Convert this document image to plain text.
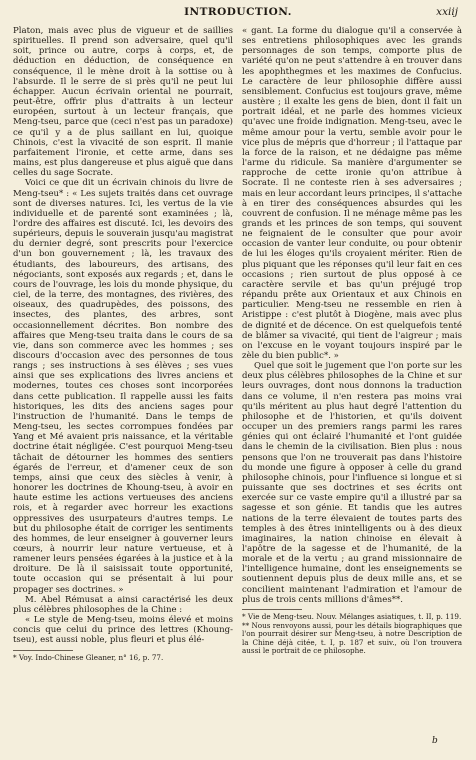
INTRODUCTION.	xxiij

Platon, mais avec plus de vigueur et de saillies spirituelles. Il prend son adversaire, quel qu'il soit, prince ou autre, corps à corps, et, de déduction en déduction, de conséquence en conséquence, il le mène droit à la sottise ou à l'absurde. Il le serre de si près qu'il ne peut lui échapper. Aucun écrivain oriental ne pourrait, peut-être, offrir plus d'attraits à un lecteur européen, surtout à un lecteur français, que Meng-tseu, parce que (ceci n'est pas un paradoxe) ce qu'il y a de plus saillant en lui, quoique Chinois, c'est la vivacité de son esprit. Il manie parfaitement l'ironie, et cette arme, dans ses mains, est plus dangereuse et plus aiguë que dans celles du sage Socrate.

Voici ce que dit un écrivain chinois du livre de Meng-tseu* : « Les sujets traités dans cet ouvrage sont de diverses natures. Ici, les vertus de la vie individuelle et de parenté sont examinées ; là, l'ordre des affaires est discuté. Ici, les devoirs des supérieurs, depuis le souverain jusqu'au magistrat du dernier degré, sont prescrits pour l'exercice d'un bon gouvernement ; là, les travaux des étudiants, des laboureurs, des artisans, des négociants, sont exposés aux regards ; et, dans le cours de l'ouvrage, les lois du monde physique, du ciel, de la terre, des montagnes, des rivières, des oiseaux, des quadrupèdes, des poissons, des insectes, des plantes, des arbres, sont occasionnellement décrites. Bon nombre des affaires que Meng-tseu traita dans le cours de sa vie, dans son commerce avec les hommes ; ses discours d'occasion avec des personnes de tous rangs ; ses instructions à ses élèves ; ses vues ainsi que ses explications des livres anciens et modernes, toutes ces choses sont incorporées dans cette publication. Il rappelle aussi les faits historiques, les dits des anciens sages pour l'instruction de l'humanité. Dans le temps de Meng-tseu, les sectes corrompues fondées par Yang et Mé avaient pris naissance, et la véritable doctrine était négligée. C'est pourquoi Meng-tseu tâchait de détourner les hommes des sentiers égarés de l'erreur, et d'amener ceux de son temps, ainsi que ceux des siècles à venir, à honorer les doctrines de Khoung-tseu, à avoir en haute estime les actions vertueuses des anciens rois, et à regarder avec horreur les exactions oppressives des usurpateurs d'autres temps. Le but du philosophe était de corriger les sentiments des hommes, de leur enseigner à gouverner leurs cœurs, à nourrir leur nature vertueuse, et à ramener leurs pensées égarées à la justice et à la droiture. De là il saisissait toute opportunité, toute occasion qui se présentait à lui pour propager ses doctrines. »

M. Abel Rémusat a ainsi caractérisé les deux plus célèbres philosophes de la Chine :

« Le style de Meng-tseu, moins élevé et moins concis que celui du prince des lettres (Khoung-tseu), est aussi noble, plus fleuri et plus élé-

* Voy. Indo-Chinese Gleaner, n° 16, p. 77.

« gant. La forme du dialogue qu'il a conservée à ses entretiens philosophiques avec les grands personnages de son temps, comporte plus de variété qu'on ne peut s'attendre à en trouver dans les apophthegmes et les maximes de Confucius. Le caractère de leur philosophie diffère aussi sensiblement. Confucius est toujours grave, même austère ; il exalte les gens de bien, dont il fait un portrait idéal, et ne parle des hommes vicieux qu'avec une froide indignation. Meng-tseu, avec le même amour pour la vertu, semble avoir pour le vice plus de mépris que d'horreur ; il l'attaque par la force de la raison, et ne dédaigne pas même l'arme du ridicule. Sa manière d'argumenter se rapproche de cette ironie qu'on attribue à Socrate. Il ne conteste rien à ses adversaires ; mais en leur accordant leurs principes, il s'attache à en tirer des conséquences absurdes qui les couvrent de confusion. Il ne ménage même pas les grands et les princes de son temps, qui souvent ne feignaient de le consulter que pour avoir occasion de vanter leur conduite, ou pour obtenir de lui les éloges qu'ils croyaient mériter. Rien de plus piquant que les réponses qu'il leur fait en ces occasions ; rien surtout de plus opposé à ce caractère servile et bas qu'un préjugé trop répandu prête aux Orientaux et aux Chinois en particulier. Meng-tseu ne ressemble en rien à Aristippe : c'est plutôt à Diogène, mais avec plus de dignité et de décence. On est quelquefois tenté de blâmer sa vivacité, qui tient de l'aigreur ; mais on l'excuse en le voyant toujours inspiré par le zèle du bien public*. »

Quel que soit le jugement que l'on porte sur les deux plus célèbres philosophes de la Chine et sur leurs ouvrages, dont nous donnons la traduction dans ce volume, il n'en restera pas moins vrai qu'ils méritent au plus haut degré l'attention du philosophe et de l'historien, et qu'ils doivent occuper un des premiers rangs parmi les rares génies qui ont éclairé l'humanité et l'ont guidée dans le chemin de la civilisation. Bien plus : nous pensons que l'on ne trouverait pas dans l'histoire du monde une figure à opposer à celle du grand philosophe chinois, pour l'influence si longue et si puissante que ses doctrines et ses écrits ont exercée sur ce vaste empire qu'il a illustré par sa sagesse et son génie. Et tandis que les autres nations de la terre élevaient de toutes parts des temples à des êtres inintelligents ou à des dieux imaginaires, la nation chinoise en élevait à l'apôtre de la sagesse et de l'humanité, de la morale et de la vertu ; au grand missionnaire de l'intelligence humaine, dont les enseignements se soutiennent depuis plus de deux mille ans, et se concilient maintenant l'admiration et l'amour de plus de trois cents millions d'âmes**.

* Vie de Meng-tseu. Nouv. Mélanges asiatiques, t. II, p. 119.

** Nous renvoyons aussi, pour les détails biographiques que l'on pourrait désirer sur Meng-tseu, à notre Description de la Chine déjà citée, t. I, p. 187 et suiv., où l'on trouvera aussi le portrait de ce philosophe.

b
